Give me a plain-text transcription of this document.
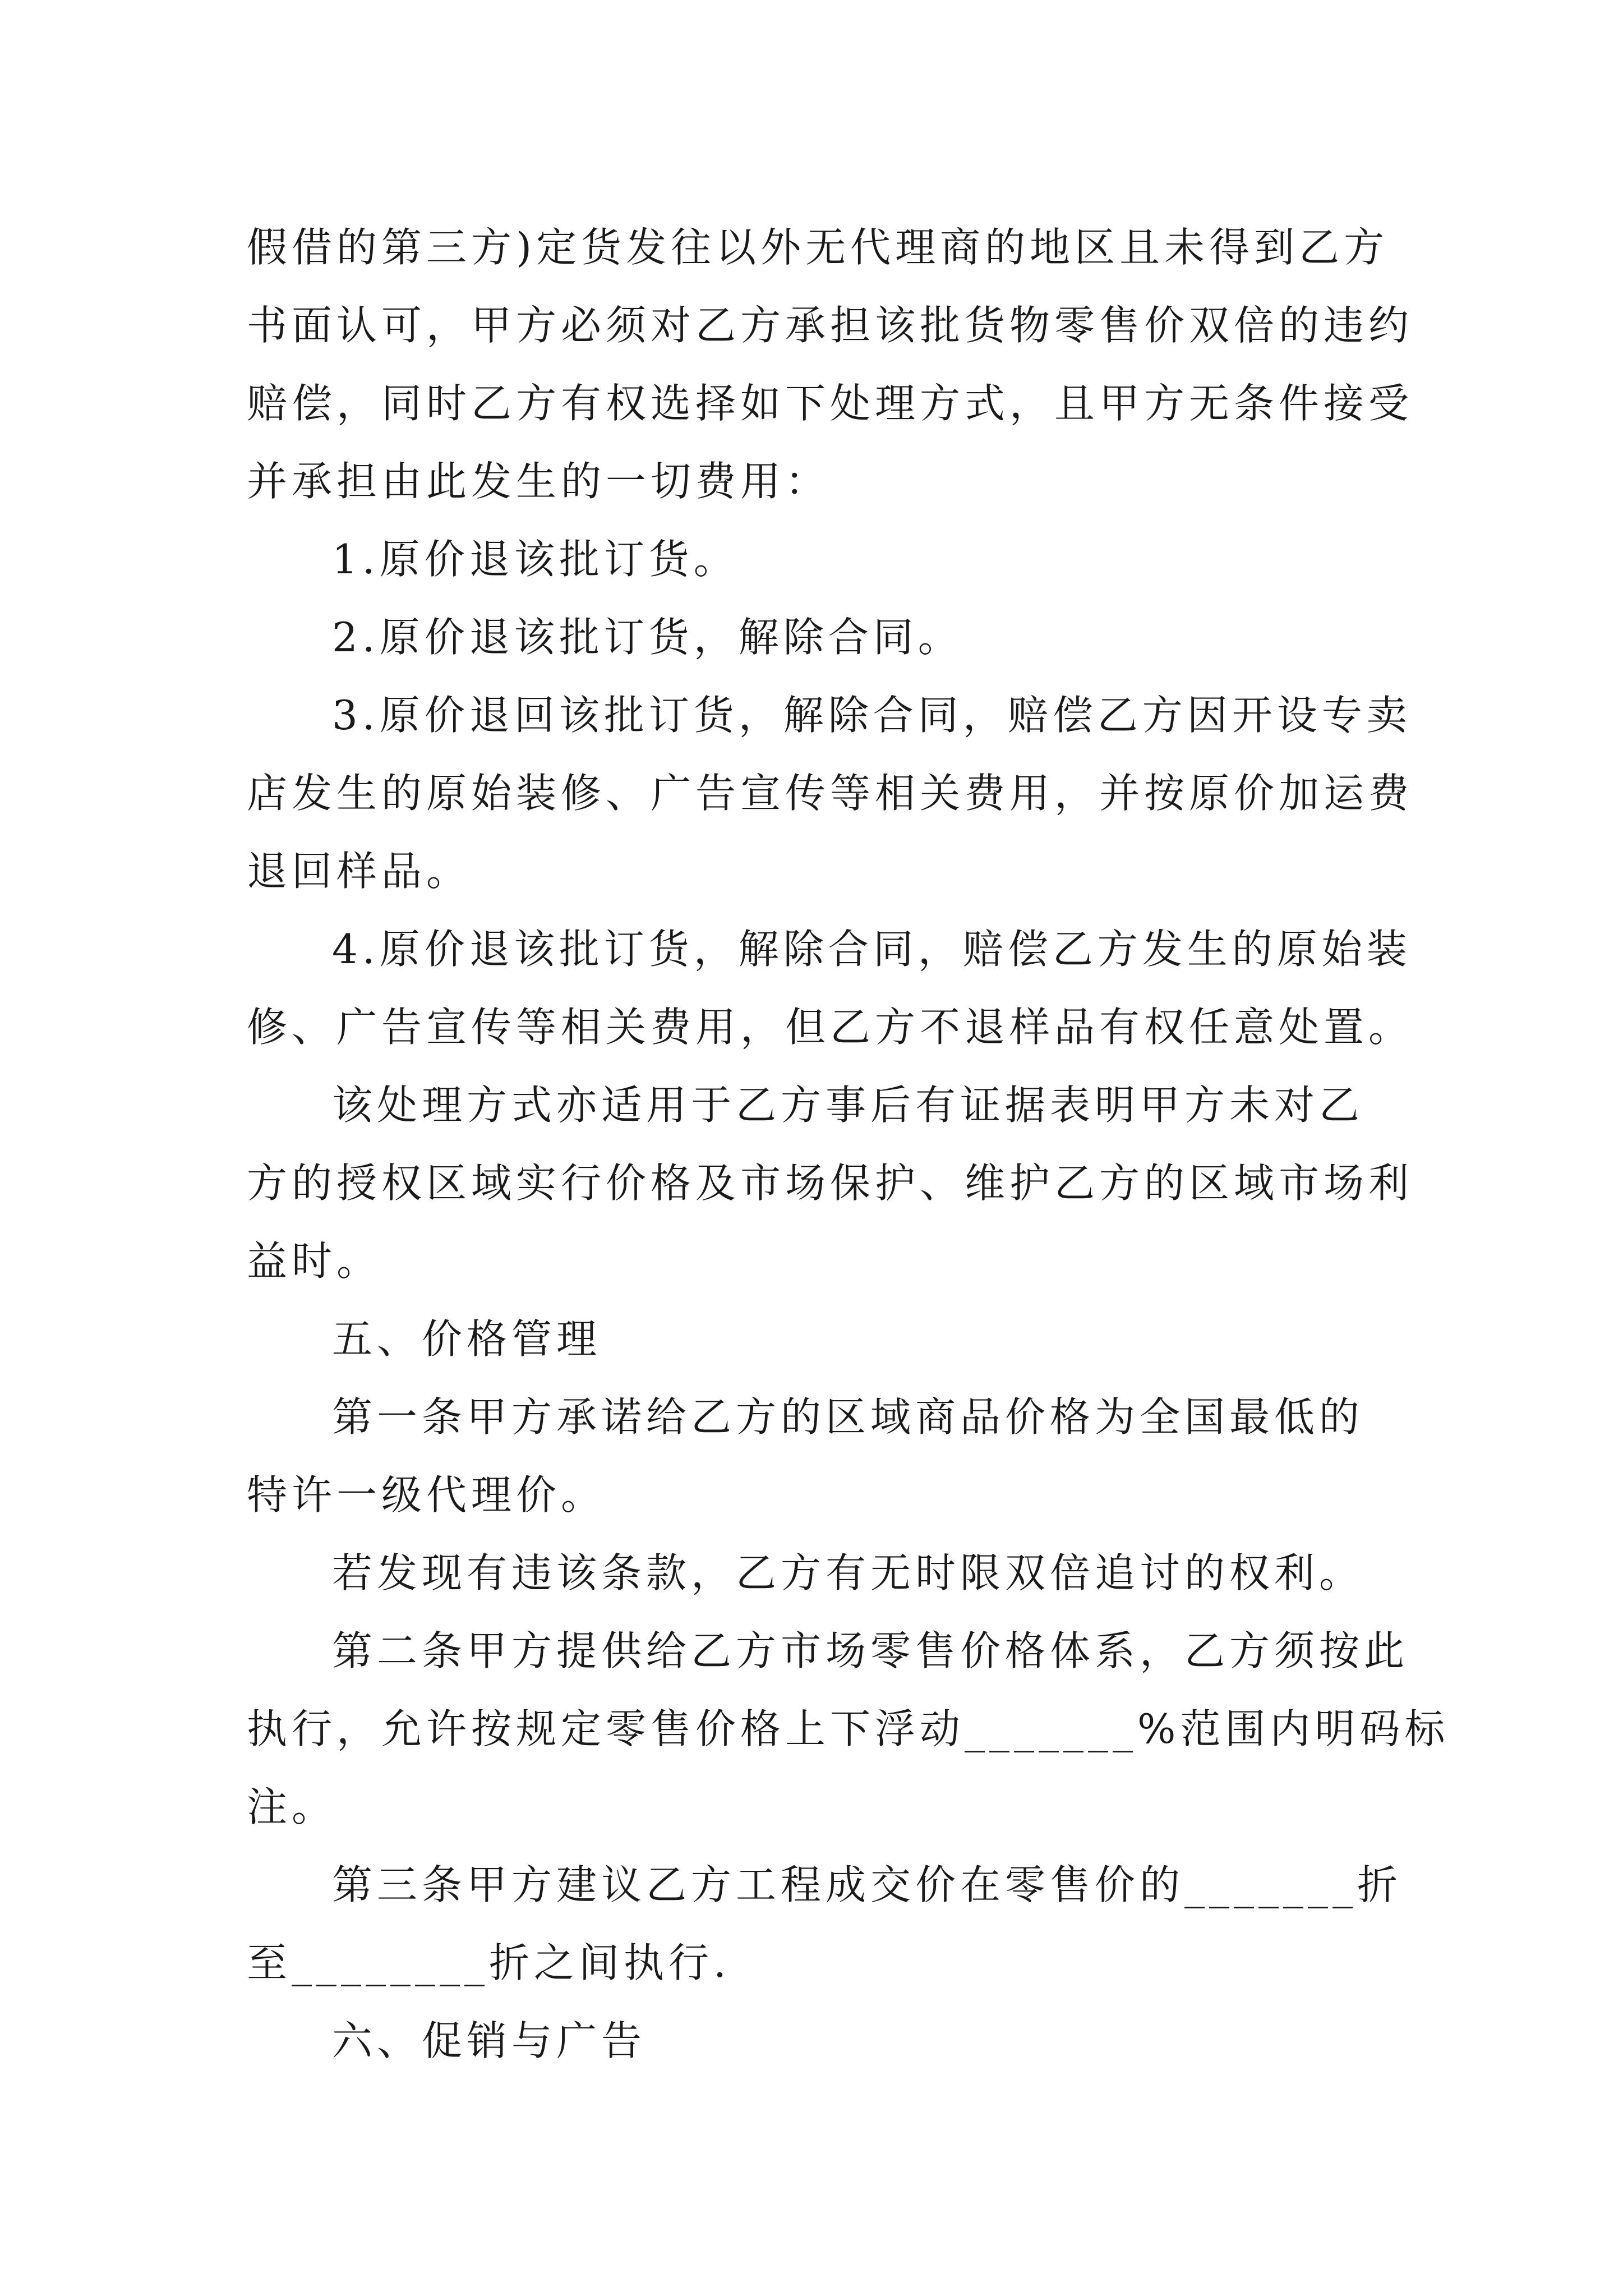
假借的第三方)定货发往以外无代理商的地区且未得到乙方
书面认可，甲方必须对乙方承担该批货物零售价双倍的违约
赔偿，同时乙方有权选择如下处理方式，且甲方无条件接受
并承担由此发生的一切费用：
1.原价退该批订货。
2.原价退该批订货，解除合同。
3.原价退回该批订货，解除合同，赔偿乙方因开设专卖
店发生的原始装修、广告宣传等相关费用，并按原价加运费
退回样品。
4.原价退该批订货，解除合同，赔偿乙方发生的原始装
修、广告宣传等相关费用，但乙方不退样品有权任意处置。
该处理方式亦适用于乙方事后有证据表明甲方未对乙
方的授权区域实行价格及市场保护、维护乙方的区域市场利
益时。
五、价格管理
第一条甲方承诺给乙方的区域商品价格为全国最低的
特许一级代理价。
若发现有违该条款，乙方有无时限双倍追讨的权利。
第二条甲方提供给乙方市场零售价格体系，乙方须按此
执行，允许按规定零售价格上下浮动_______%范围内明码标
注。
第三条甲方建议乙方工程成交价在零售价的_______折
至________折之间执行.
六、促销与广告
